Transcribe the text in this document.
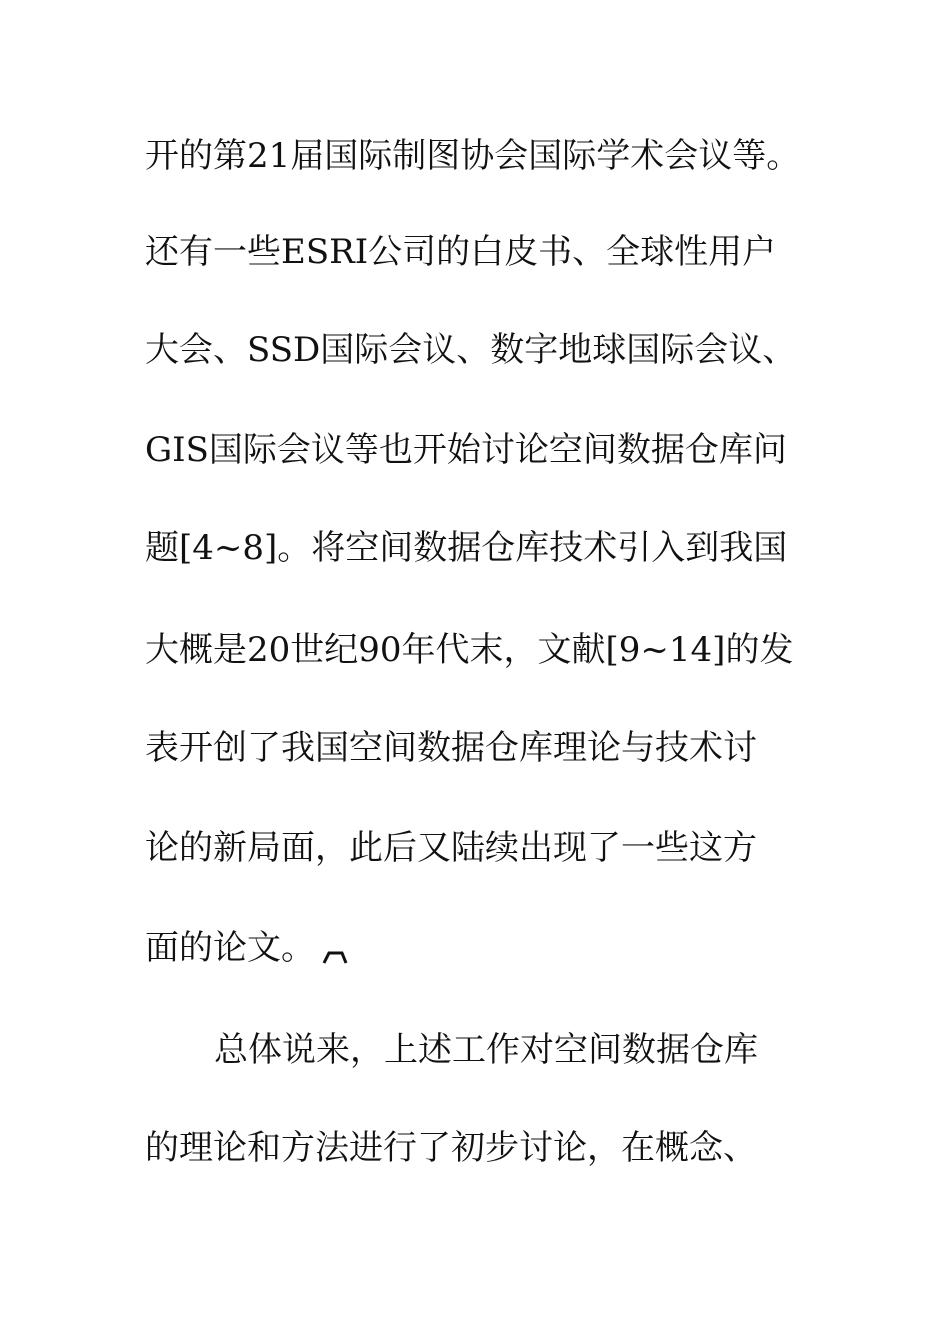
开的第21届国际制图协会国际学术会议等。
还有一些ESRI公司的白皮书、全球性用户
大会、SSD国际会议、数字地球国际会议、
GIS国际会议等也开始讨论空间数据仓库问
题[4~8]。将空间数据仓库技术引入到我国
大概是20世纪90年代末，文献[9~14]的发
表开创了我国空间数据仓库理论与技术讨
论的新局面，此后又陆续出现了一些这方
面的论文。
总体说来，上述工作对空间数据仓库
的理论和方法进行了初步讨论，在概念、
